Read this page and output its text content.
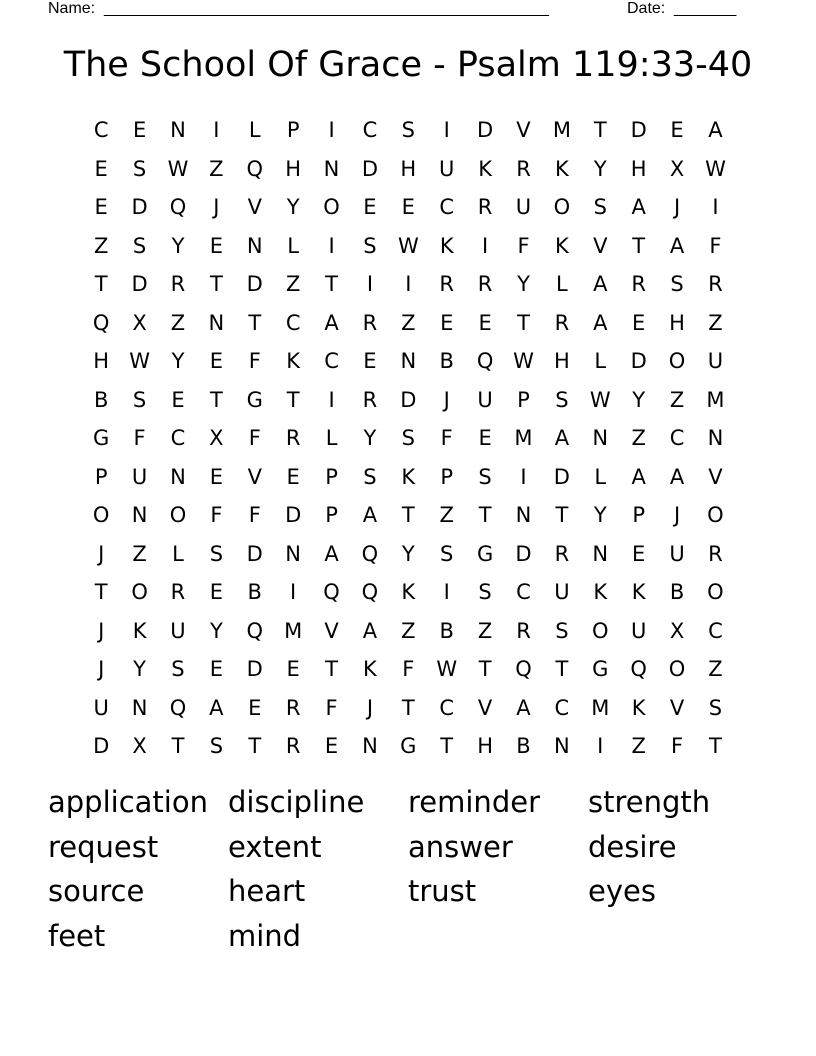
Name: __________________________________________________	Date: _______
The School Of Grace - Psalm 119:33-40
C	E	N	I	L	P	I	C	S	I	D	V	M	T	D	E	A
E	S	W Z	Q	H	N	D	H	U	K	R	K	Y	H	X W
E	D	Q	J	V	Y	O	E	E	C	R	U	O	S	A	J	I
Z	S	Y	E	N	L	I	S	W	K	I	F	K	V	T	A	F
T	D	R	T	D	Z	T	I	I	R	R	Y	L	A	R	S	R
Q	X	Z	N	T	C	A	R	Z	E	E	T	R	A	E	H	Z
H W	Y	E	F	K	C	E	N	B	Q W H	L	D	O	U
B	S	E	T	G	T	I	R	D	J	U	P	S	W	Y	Z	M
G	F	C	X	F	R	L	Y	S	F	E	M	A	N	Z	C	N
P	U	N	E	V	E	P	S	K	P	S	I	D	L	A	A	V
O	N	O	F	F	D	P	A	T	Z	T	N	T	Y	P	J	O
J	Z	L	S	D	N	A	Q	Y	S	G	D	R	N	E	U	R
T	O	R	E	B	I	Q	Q	K	I	S	C	U	K	K	B	O
J	K	U	Y	Q	M	V	A	Z	B	Z	R	S	O	U	X	C
J	Y	S	E	D	E	T	K	F	W	T	Q	T	G	Q	O	Z
U	N	Q	A	E	R	F	J	T	C	V	A	C	M	K	V	S
D	X	T	S	T	R	E	N	G	T	H	B	N	I	Z	F	T
application discipline	reminder	strength
request	extent	answer	desire
source	heart	trust	eyes
feet	mind
